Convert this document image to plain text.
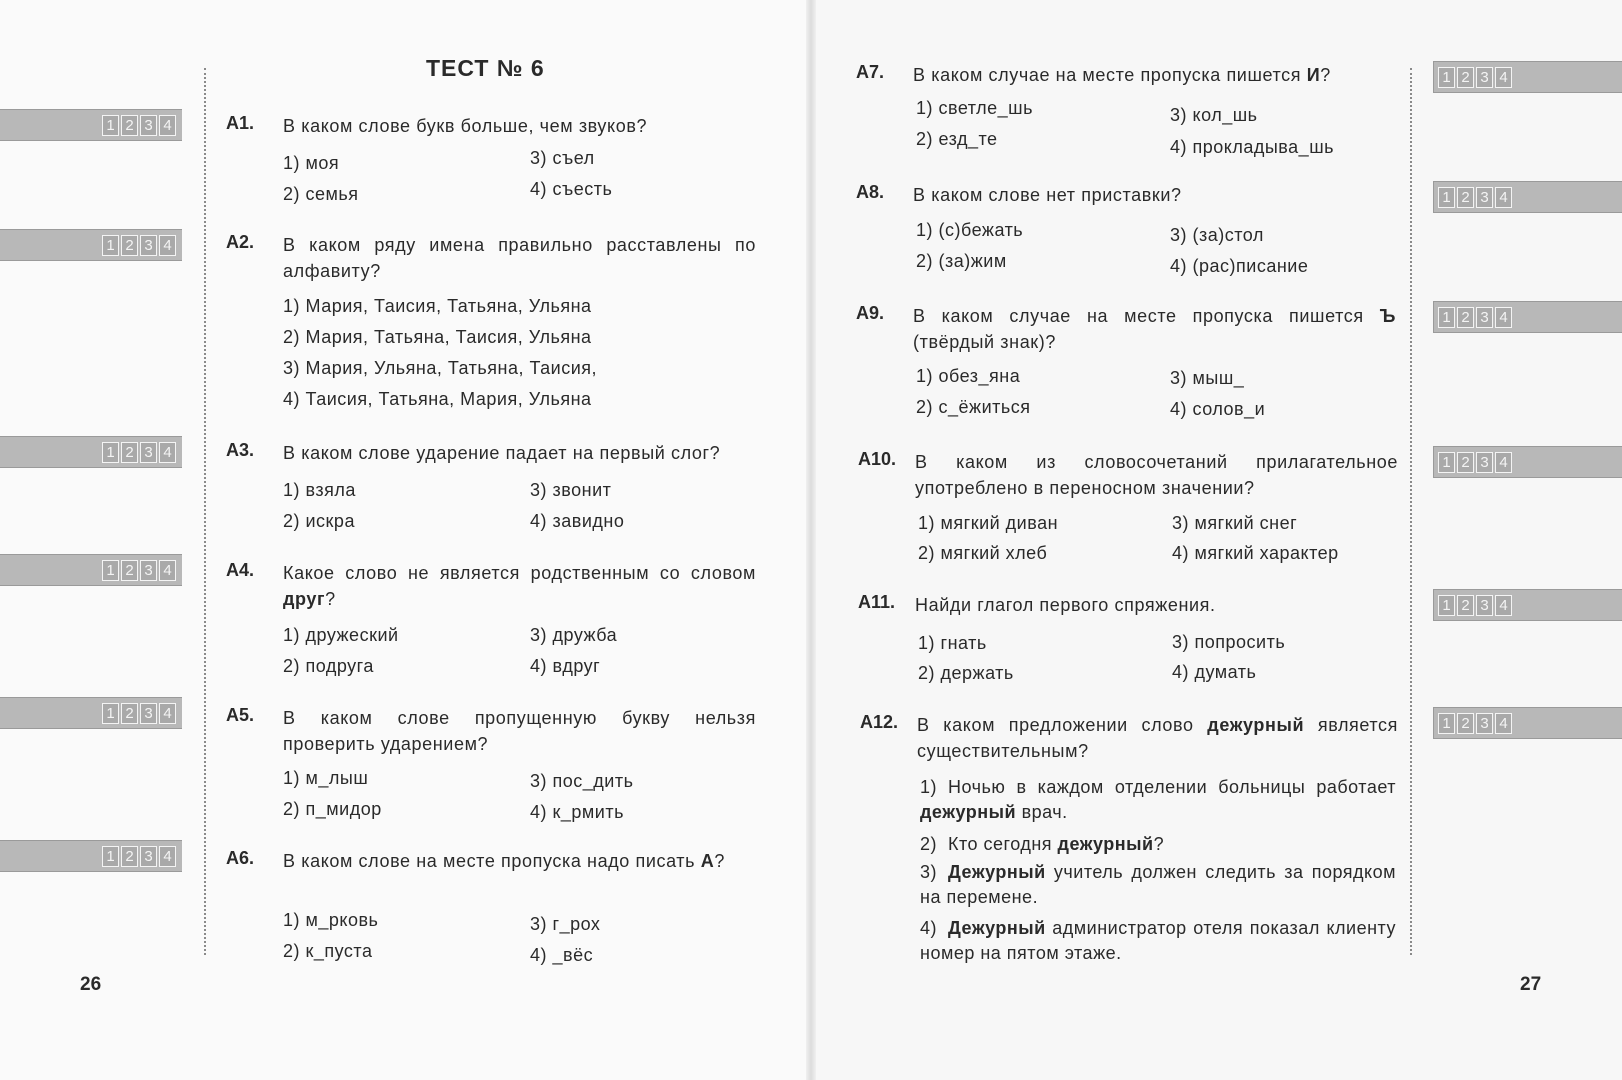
1 2 3 4
1 2 3 4
1 2 3 4
1 2 3 4
1 2 3 4
1 2 3 4
1 2 3 4
1 2 3 4
1 2 3 4
1 2 3 4
1 2 3 4
1 2 3 4
ТЕСТ № 6
А1. В каком слове букв больше, чем звуков?
1) моя
2) семья
3) съел
4) съесть
А2. В каком ряду имена правильно расставлены по алфавиту?
1) Мария, Таисия, Татьяна, Ульяна
2) Мария, Татьяна, Таисия, Ульяна
3) Мария, Ульяна, Татьяна, Таисия,
4) Таисия, Татьяна, Мария, Ульяна
А3. В каком слове ударение падает на первый слог?
1) взяла
2) искра
3) звонит
4) завидно
А4. Какое слово не является родственным со словом друг?
1) дружеский
2) подруга
3) дружба
4) вдруг
А5. В каком слове пропущенную букву нельзя проверить ударением?
1) м_лыш
2) п_мидор
3) пос_дить
4) к_рмить
А6. В каком слове на месте пропуска надо писать А?
1) м_рковь
2) к_пуста
3) г_рох
4) _вёс
А7. В каком случае на месте пропуска пишется И?
1) светле_шь
2) езд_те
3) кол_шь
4) прокладыва_шь
А8. В каком слове нет приставки?
1) (с)бежать
2) (за)жим
3) (за)стол
4) (рас)писание
А9. В каком случае на месте пропуска пишется Ъ (твёрдый знак)?
1) обез_яна
2) с_ёжиться
3) мыш_
4) солов_и
А10. В каком из словосочетаний прилагательное употреблено в переносном значении?
1) мягкий диван
2) мягкий хлеб
3) мягкий снег
4) мягкий характер
А11. Найди глагол первого спряжения.
1) гнать
2) держать
3) попросить
4) думать
А12. В каком предложении слово дежурный является существительным?
1) Ночью в каждом отделении больницы работает дежурный врач.
2) Кто сегодня дежурный?
3) Дежурный учитель должен следить за порядком на перемене.
4) Дежурный администратор отеля показал клиенту номер на пятом этаже.
26	27
